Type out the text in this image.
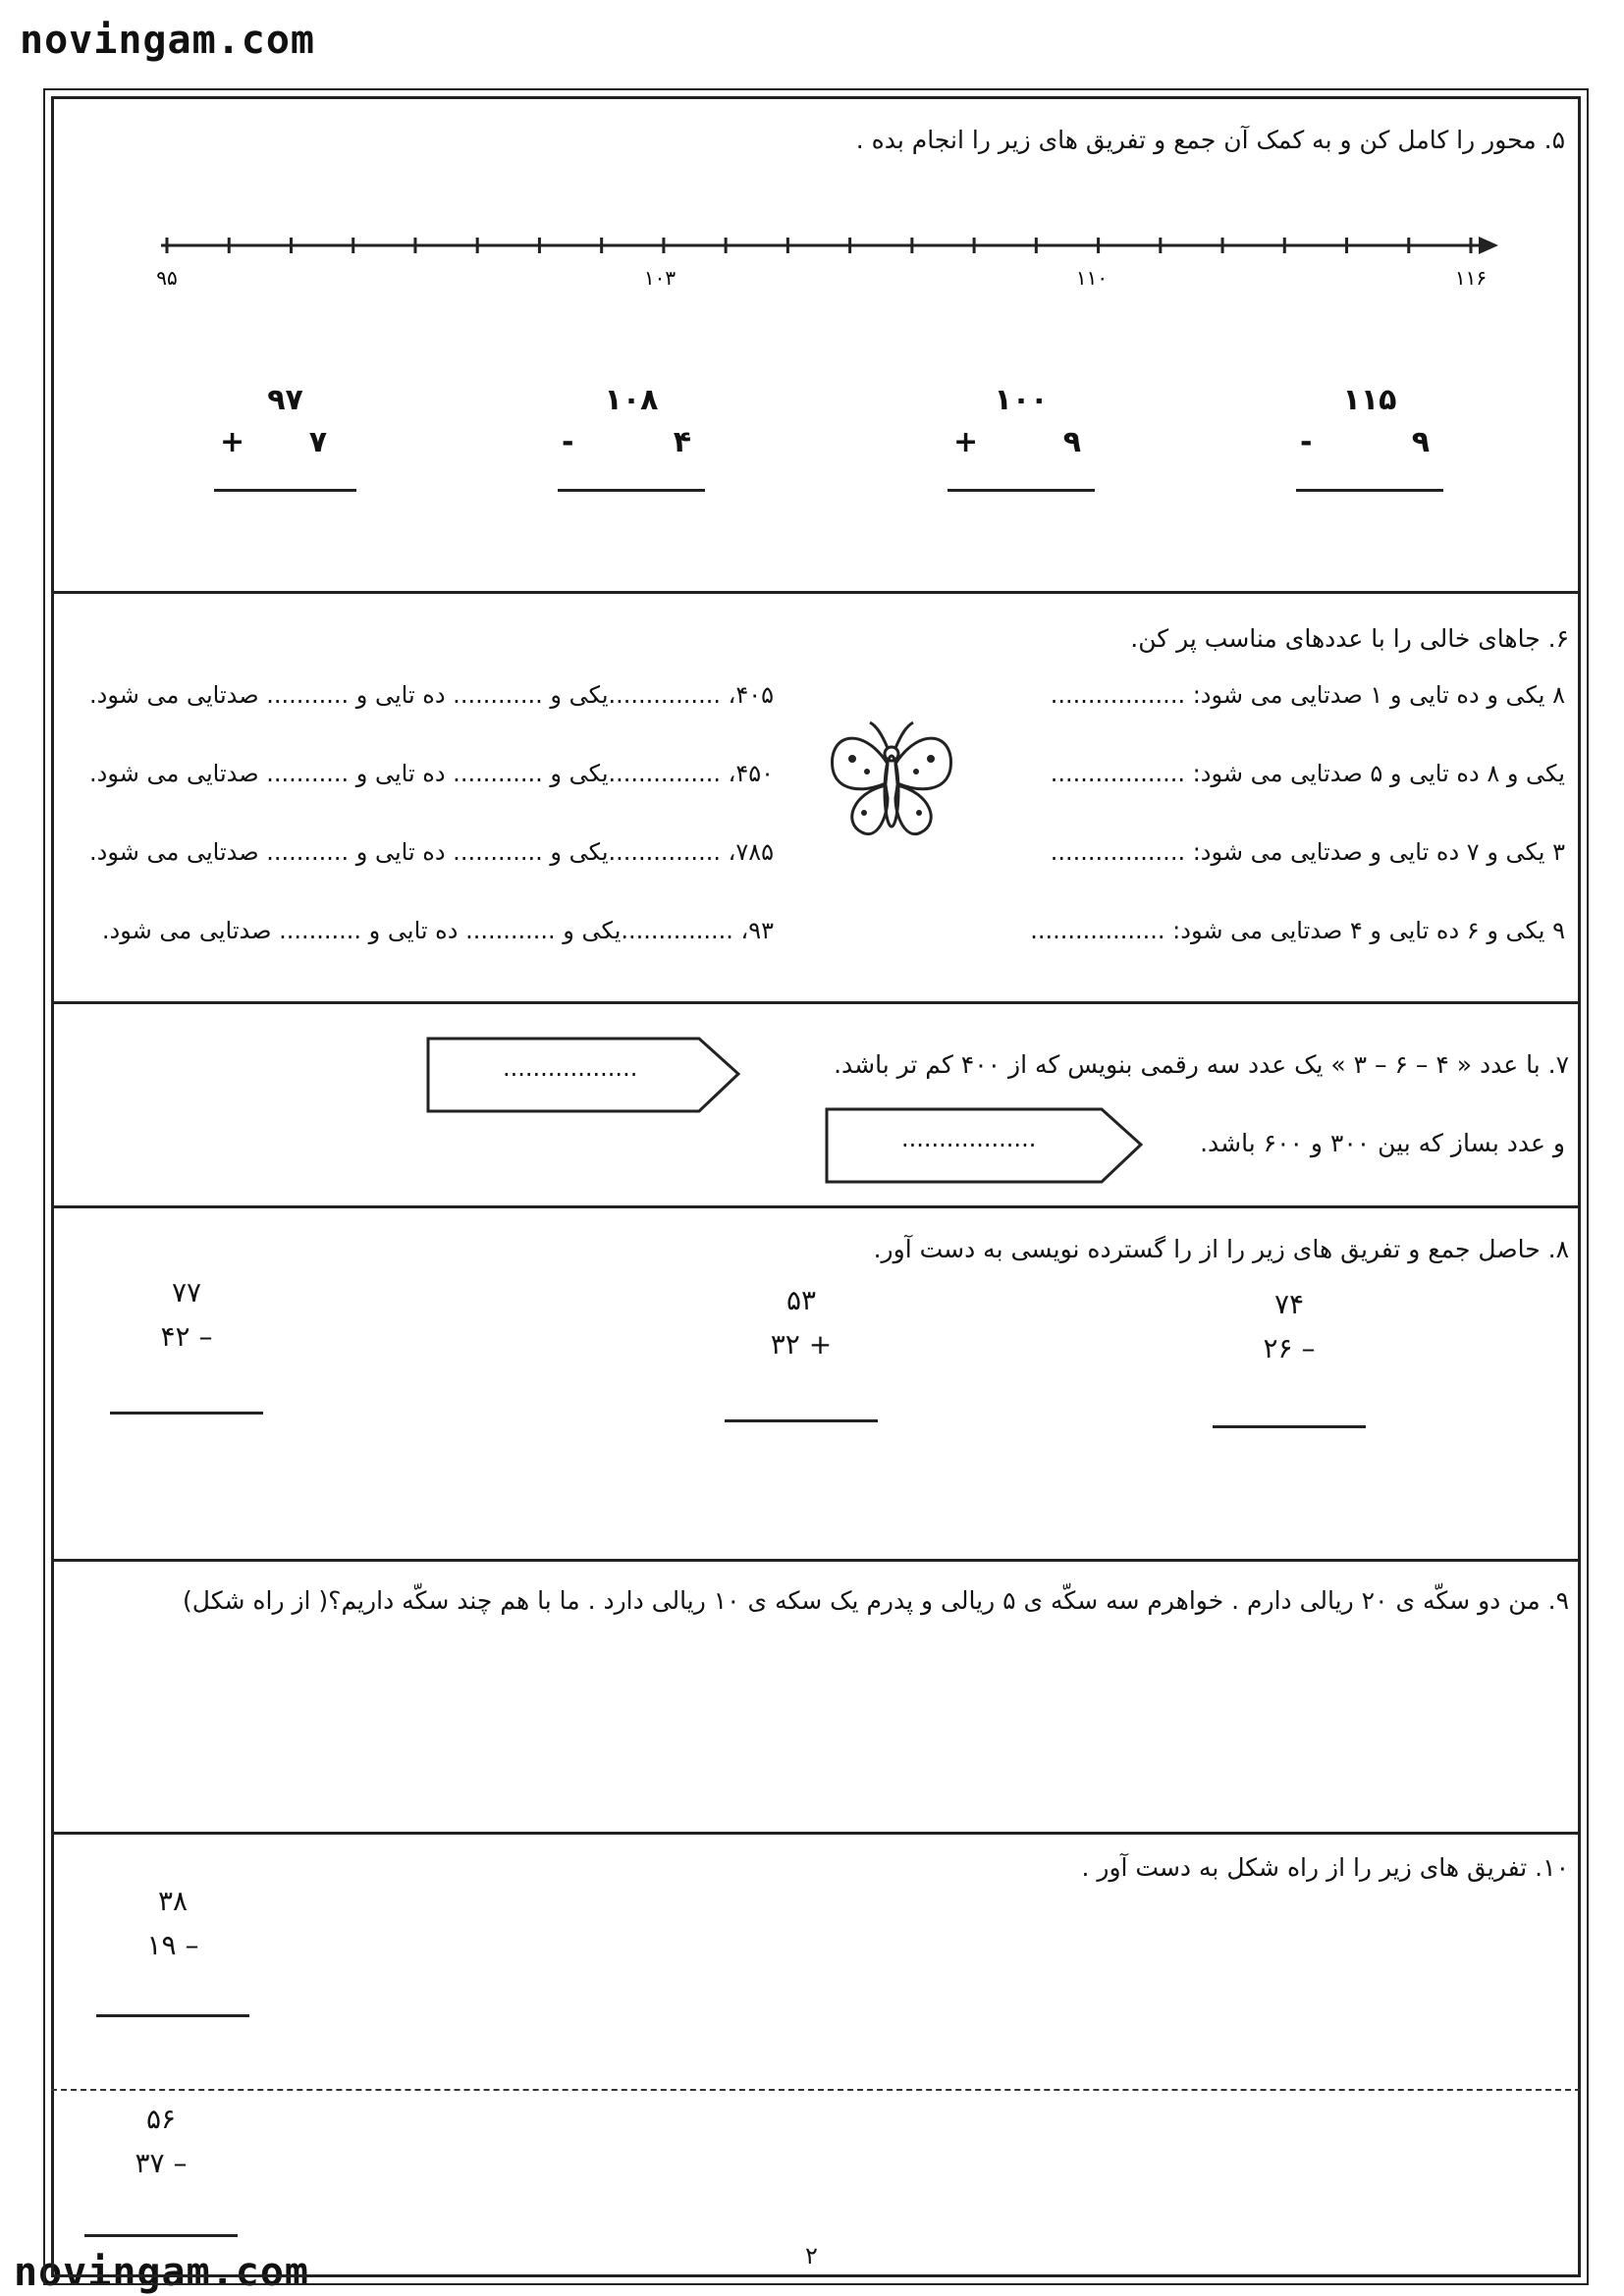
novingam.com
novingam.com
۵. محور را کامل کن و به کمک آن جمع و تفریق های زیر را انجام بده .
۹۵	۱۰۳	۱۱۰	۱۱۶
۱۱۵
-	۹
۱۰۰
+	۹
۱۰۸
-	۴
۹۷
+ ۷
۶. جاهای خالی را با عددهای مناسب پر کن.
۸ یکی و ده تایی و ۱ صدتایی می شود: ..................
یکی و ۸ ده تایی و ۵ صدتایی می شود: ..................
۳ یکی و ۷ ده تایی و صدتایی می شود: ..................
۹ یکی و ۶ ده تایی و ۴ صدتایی می شود: ..................
۴۰۵، ...............یکی و ............ ده تایی و ........... صدتایی می شود.
۴۵۰، ...............یکی و ............ ده تایی و ........... صدتایی می شود.
۷۸۵، ...............یکی و ............ ده تایی و ........... صدتایی می شود.
۹۳، ...............یکی و ............ ده تایی و ........... صدتایی می شود.
۷. با عدد « ۴ – ۶ – ۳ » یک عدد سه رقمی بنویس که از ۴۰۰ کم تر باشد.
و عدد بساز که بین ۳۰۰ و ۶۰۰ باشد.
..................
..................
۸. حاصل جمع و تفریق های زیر را از را گسترده نویسی به دست آور.
۷۴
– ۲۶
۵۳
+ ۳۲
۷۷
– ۴۲
۹. من دو سکّه ی ۲۰ ریالی دارم . خواهرم سه سکّه ی ۵ ریالی و پدرم یک سکه ی ۱۰ ریالی دارد . ما با هم چند سکّه داریم؟( از راه شکل)
۱۰. تفریق های زیر را از راه شکل به دست آور .
۳۸
– ۱۹
۵۶
– ۳۷
۲
